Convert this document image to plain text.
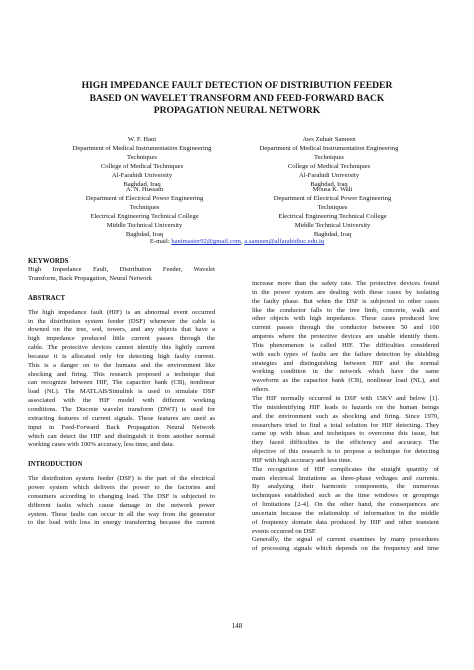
HIGH IMPEDANCE FAULT DETECTION OF DISTRIBUTION FEEDER
BASED ON WAVELET TRANSFORM AND FEED-FORWARD BACK
PROPAGATION NEURAL NETWORK
W. F. Hani
Department of Medical Instrumentation Engineering
Techniques
College of Medical Techniques
Al-Farahidi University
Baghdad, Iraq
Aws Zuhair Sameen
Department of Medical Instrumentation Engineering
Techniques
College of Medical Techniques
Al-Farahidi University
Baghdad, Iraq
A. N. Hussain
Department of Electrical Power Engineering
Techniques
Electrical Engineering Technical College
Middle Technical University
Baghdad, Iraq
Mousa K. Wali
Department of Electrical Power Engineering
Techniques
Electrical Engineering Technical College
Middle Technical University
Baghdad, Iraq
E-mail: hanimaster92@gmail.com, a.sameen@alfarahidiuc.edu.iq
KEYWORDS
High Impedance Fault, Distribution Feeder, Wavelet
Transform, Back Propagation, Neural Network
ABSTRACT
The high impedance fault (HIF) is an abnormal event occurred
in the distribution system feeder (DSF) whenever the cable is
downed on the tree, sod, towers, and any objects that have a
high impedance produced little current passes through the
cable. The protective devices cannot identify this lightly current
because it is allocated only for detecting high faulty current.
This is a danger on to the humans and the environment like
shocking and firing. This research proposed a technique that
can recognize between HIF, The capacitor bank (CB), nonlinear
load (NL). The MATLAB/Simulink is used to simulate DSF
associated with the HIF model with different working
conditions. The Discrete wavelet transform (DWT) is used for
extracting features of current signals. These features are used as
input in Feed-Forward Back Propagation Neural Network
which can detect the HIF and distinguish it from another normal
working cases with 100% accuracy, less time, and data.
INTRODUCTION
The distribution system feeder (DSF) is the part of the electrical
power system which delivers the power to the factories and
consumers according to changing load. The DSF is subjected to
different faults which cause damage in the network power
system. These faults can occur in all the way from the generator
to the load with loss in energy transferring because the current
increase more than the safety rate. The protective devices found
in the power system are dealing with these cases by isolating
the faulty phase. But when the DSF is subjected to other cases
like the conductor falls to the tree limb, concrete, walk and
other objects with high impedance. These cases produced low
current passes through the conductor between 50 and 100
amperes where the protective devices are unable identify them.
This phenomenon is called HIF. The difficulties considered
with such types of faults are the failure detection by shielding
strategies and distinguishing between HIF and the normal
working condition in the network which have the same
waveform as the capacitor bank (CB), nonlinear load (NL), and
others.
The HIF normally occurred in DSF with 15KV and below [1].
The misidentifying HIF leads to hazards on the human beings
and the environment such as shocking and firing. Since 1970,
researchers tried to find a total solution for HIF detecting. They
came up with ideas and techniques to overcome this issue, but
they faced difficulties in the efficiency and accuracy. The
objective of this research is to propose a technique for detecting
HIF with high accuracy and less time.
The recognition of HIF complicates the straight quantity of
main electrical limitations as three-phase voltages and currents.
By analyzing their harmonic components, the numerous
techniques established such as the time windows or groupings
of limitations [2-4]. On the other hand, the consequences are
uncertain because the relationship of information in the middle
of frequency domain data produced by HIF and other transient
events occurred on DSF.
Generally, the signal of current examines by many procedures
of processing signals which depends on the frequency and time
148
